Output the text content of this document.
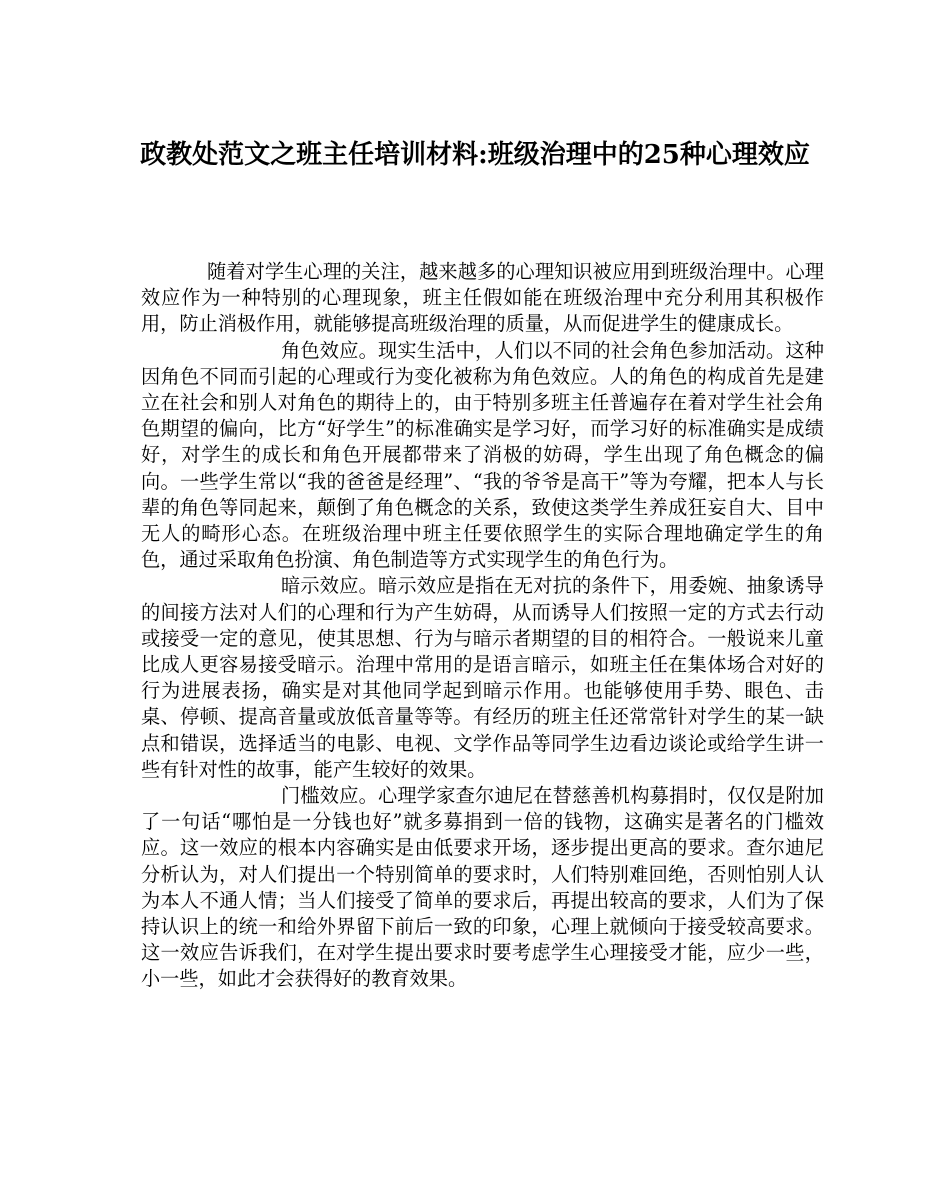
政教处范文之班主任培训材料:班级治理中的25种心理效应

随着对学生心理的关注，越来越多的心理知识被应用到班级治理中。心理效应作为一种特别的心理现象，班主任假如能在班级治理中充分利用其积极作用，防止消极作用，就能够提高班级治理的质量，从而促进学生的健康成长。

角色效应。现实生活中，人们以不同的社会角色参加活动。这种因角色不同而引起的心理或行为变化被称为角色效应。人的角色的构成首先是建立在社会和别人对角色的期待上的，由于特别多班主任普遍存在着对学生社会角色期望的偏向，比方“好学生”的标准确实是学习好，而学习好的标准确实是成绩好，对学生的成长和角色开展都带来了消极的妨碍，学生出现了角色概念的偏向。一些学生常以“我的爸爸是经理”、“我的爷爷是高干”等为夸耀，把本人与长辈的角色等同起来，颠倒了角色概念的关系，致使这类学生养成狂妄自大、目中无人的畸形心态。在班级治理中班主任要依照学生的实际合理地确定学生的角色，通过采取角色扮演、角色制造等方式实现学生的角色行为。

暗示效应。暗示效应是指在无对抗的条件下，用委婉、抽象诱导的间接方法对人们的心理和行为产生妨碍，从而诱导人们按照一定的方式去行动或接受一定的意见，使其思想、行为与暗示者期望的目的相符合。一般说来儿童比成人更容易接受暗示。治理中常用的是语言暗示，如班主任在集体场合对好的行为进展表扬，确实是对其他同学起到暗示作用。也能够使用手势、眼色、击桌、停顿、提高音量或放低音量等等。有经历的班主任还常常针对学生的某一缺点和错误，选择适当的电影、电视、文学作品等同学生边看边谈论或给学生讲一些有针对性的故事，能产生较好的效果。

门槛效应。心理学家查尔迪尼在替慈善机构募捐时，仅仅是附加了一句话“哪怕是一分钱也好”就多募捐到一倍的钱物，这确实是著名的门槛效应。这一效应的根本内容确实是由低要求开场，逐步提出更高的要求。查尔迪尼分析认为，对人们提出一个特别简单的要求时，人们特别难回绝，否则怕别人认为本人不通人情；当人们接受了简单的要求后，再提出较高的要求，人们为了保持认识上的统一和给外界留下前后一致的印象，心理上就倾向于接受较高要求。这一效应告诉我们，在对学生提出要求时要考虑学生心理接受才能，应少一些，小一些，如此才会获得好的教育效果。
